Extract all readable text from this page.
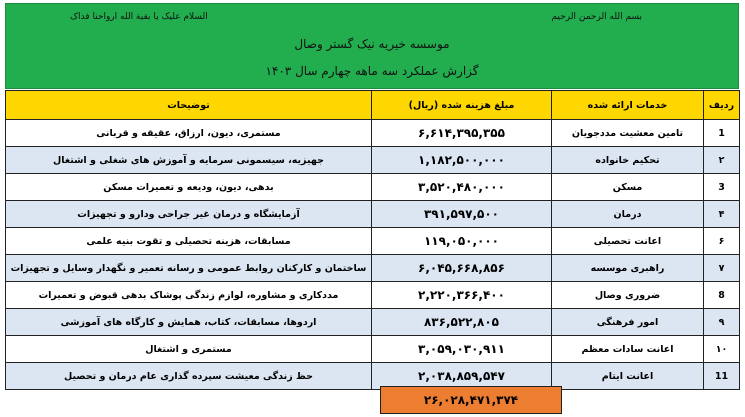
بسم الله الرحمن الرحیم
السلام علیک یا بقیة الله ارواحنا فداک
موسسه خیریه نیک گستر وصال
گزارش عملکرد سه ماهه چهارم سال ۱۴۰۳
ردیف	خدمات ارائه شده	مبلغ هزینه شده (ریال)	توضیحات
1	تامین معشیت مددجویان	۶,۶۱۴,۳۹۵,۳۵۵	مستمری، دیون، ارزاق، عقیقه و قربانی
۲	تحکیم خانواده	۱,۱۸۲,۵۰۰,۰۰۰	جهیزیه، سیسمونی سرمایه و آموزش های شغلی و اشتغال
3	مسکن	۳,۵۲۰,۴۸۰,۰۰۰	بدهی، دیون، ودیعه و تعمیرات مسکن
۴	درمان	۳۹۱,۵۹۷,۵۰۰	آزمایشگاه و درمان غیر جراحی ودارو و تجهیزات
۶	اعانت تحصیلی	۱۱۹,۰۵۰,۰۰۰	مسابقات، هزینه تحصیلی و تقوت بنیه علمی
۷	راهبری موسسه	۶,۰۴۵,۶۶۸,۸۵۶	ساختمان و کارکنان روابط عمومی و رسانه تعمیر و نگهدار وسایل و تجهیزات
8	ضروری وصال	۲,۲۲۰,۳۶۶,۴۰۰	مددکاری و مشاوره، لوازم زندگی پوشاک بدهی قبوض و تعمیرات
۹	امور فرهنگی	۸۳۶,۵۲۲,۸۰۵	اردوها، مسابقات، کتاب، همایش و کارگاه های آموزشی
۱۰	اعانت سادات معظم	۳,۰۵۹,۰۳۰,۹۱۱	مستمری و اشتغال
11	اعانت ایتام	۲,۰۳۸,۸۵۹,۵۴۷	حظ زندگی معیشت سپرده گذاری عام درمان و تحصیل
۲۶,۰۲۸,۴۷۱,۳۷۴
